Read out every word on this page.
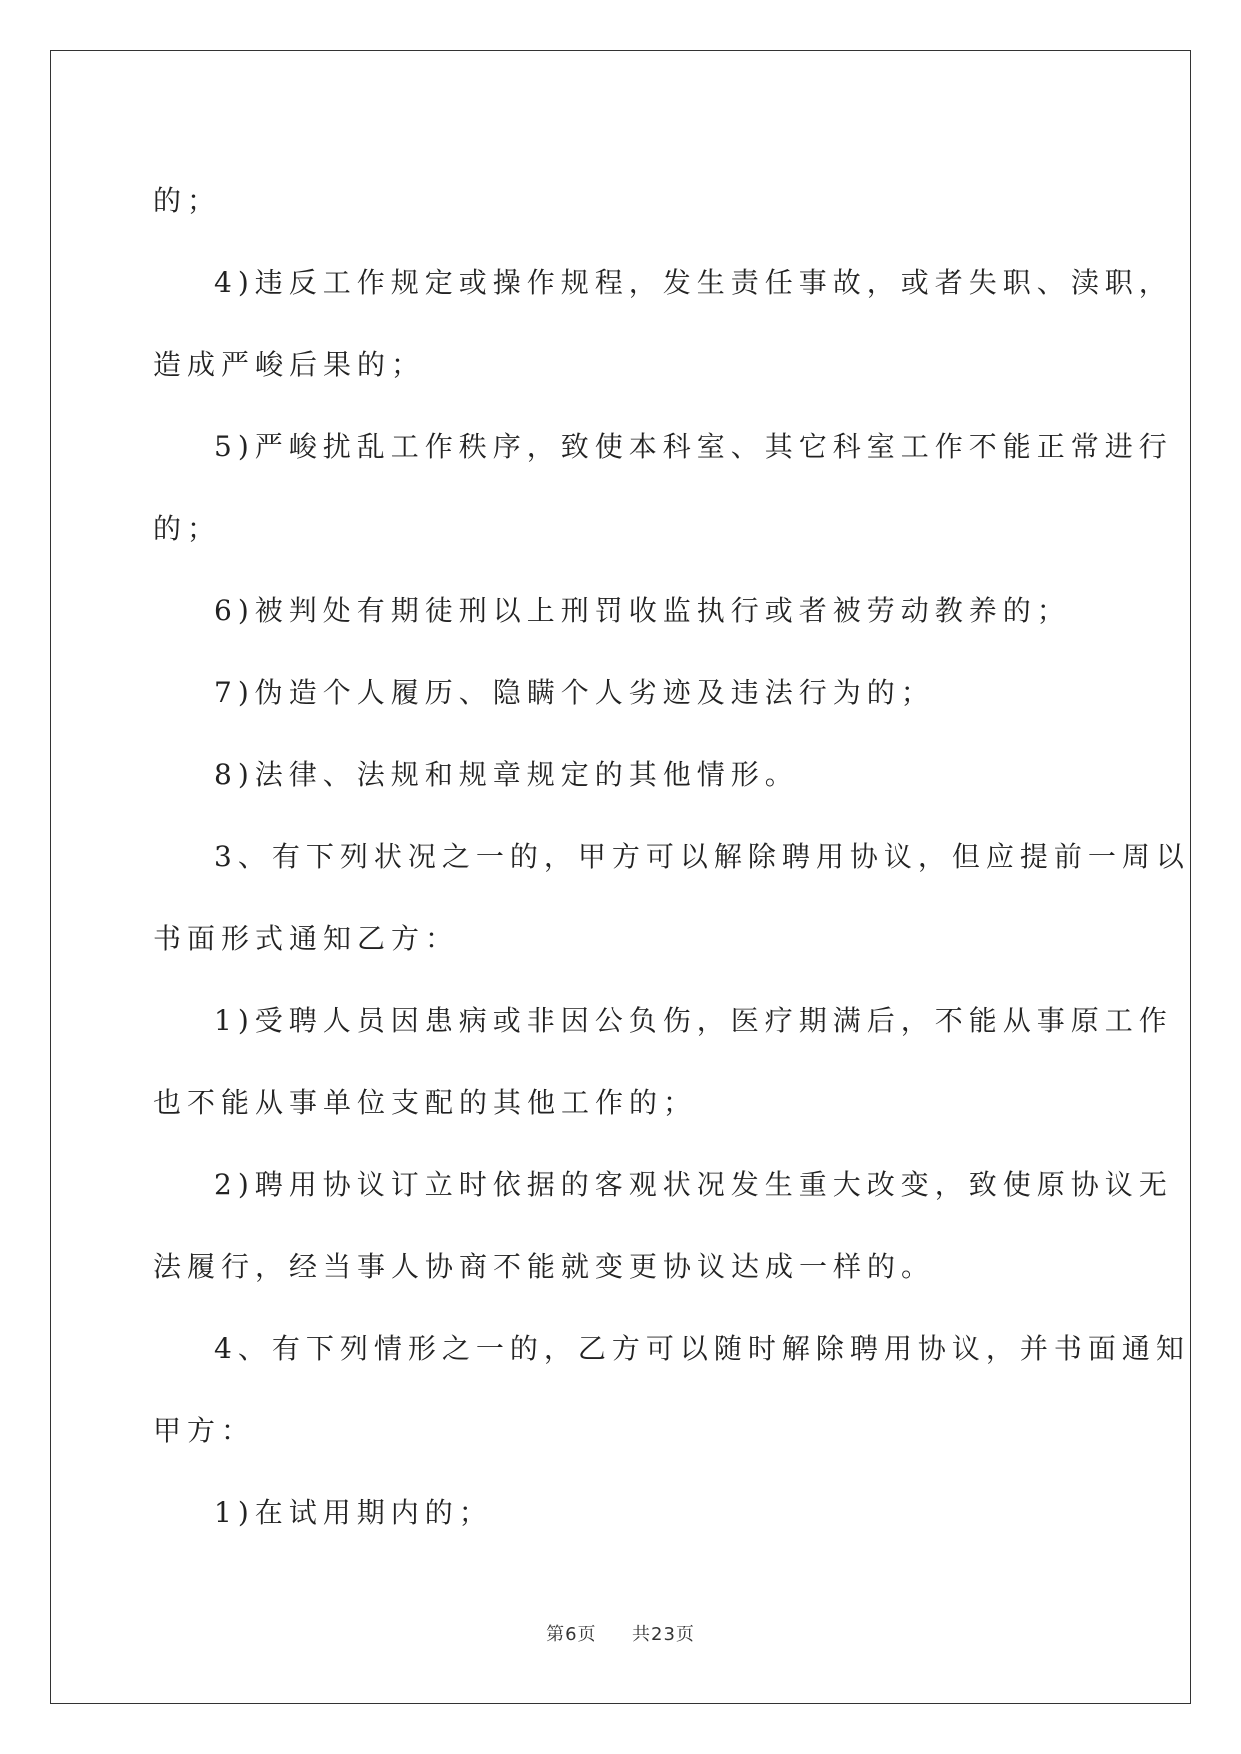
的；
4)违反工作规定或操作规程，发生责任事故，或者失职、渎职，
造成严峻后果的；
5)严峻扰乱工作秩序，致使本科室、其它科室工作不能正常进行
的；
6)被判处有期徒刑以上刑罚收监执行或者被劳动教养的；
7)伪造个人履历、隐瞒个人劣迹及违法行为的；
8)法律、法规和规章规定的其他情形。
3、有下列状况之一的，甲方可以解除聘用协议，但应提前一周以
书面形式通知乙方：
1)受聘人员因患病或非因公负伤，医疗期满后，不能从事原工作
也不能从事单位支配的其他工作的；
2)聘用协议订立时依据的客观状况发生重大改变，致使原协议无
法履行，经当事人协商不能就变更协议达成一样的。
4、有下列情形之一的，乙方可以随时解除聘用协议，并书面通知
甲方：
1)在试用期内的；
第6页 共23页
